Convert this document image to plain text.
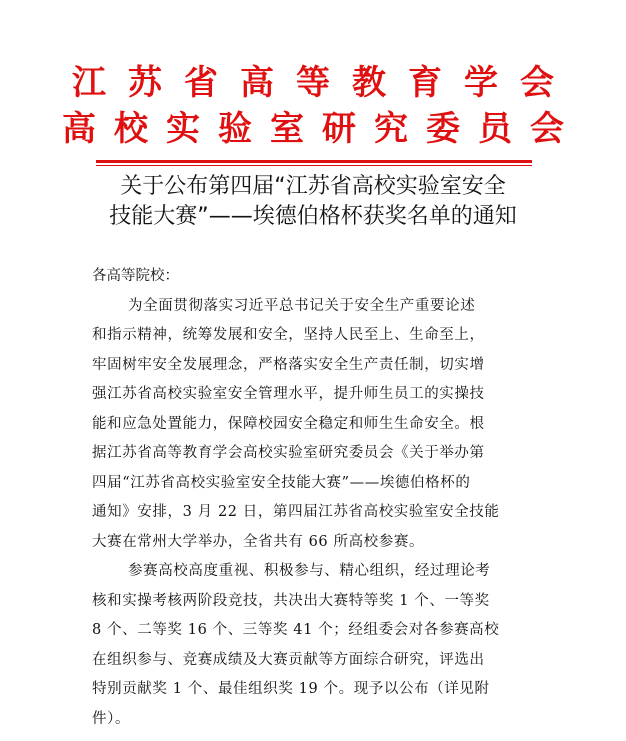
江苏省高等教育学会
高校实验室研究委员会
关于公布第四届“江苏省高校实验室安全
技能大赛”——埃德伯格杯获奖名单的通知
各高等院校：
为全面贯彻落实习近平总书记关于安全生产重要论述
和指示精神，统筹发展和安全，坚持人民至上、生命至上，
牢固树牢安全发展理念，严格落实安全生产责任制，切实增
强江苏省高校实验室安全管理水平，提升师生员工的实操技
能和应急处置能力，保障校园安全稳定和师生生命安全。根
据江苏省高等教育学会高校实验室研究委员会《关于举办第
四届“江苏省高校实验室安全技能大赛”——埃德伯格杯的
通知》安排，3 月 22 日，第四届江苏省高校实验室安全技能
大赛在常州大学举办，全省共有 66 所高校参赛。
参赛高校高度重视、积极参与、精心组织，经过理论考
核和实操考核两阶段竞技，共决出大赛特等奖 1 个、一等奖
8 个、二等奖 16 个、三等奖 41 个；经组委会对各参赛高校
在组织参与、竞赛成绩及大赛贡献等方面综合研究，评选出
特别贡献奖 1 个、最佳组织奖 19 个。现予以公布（详见附
件）。
